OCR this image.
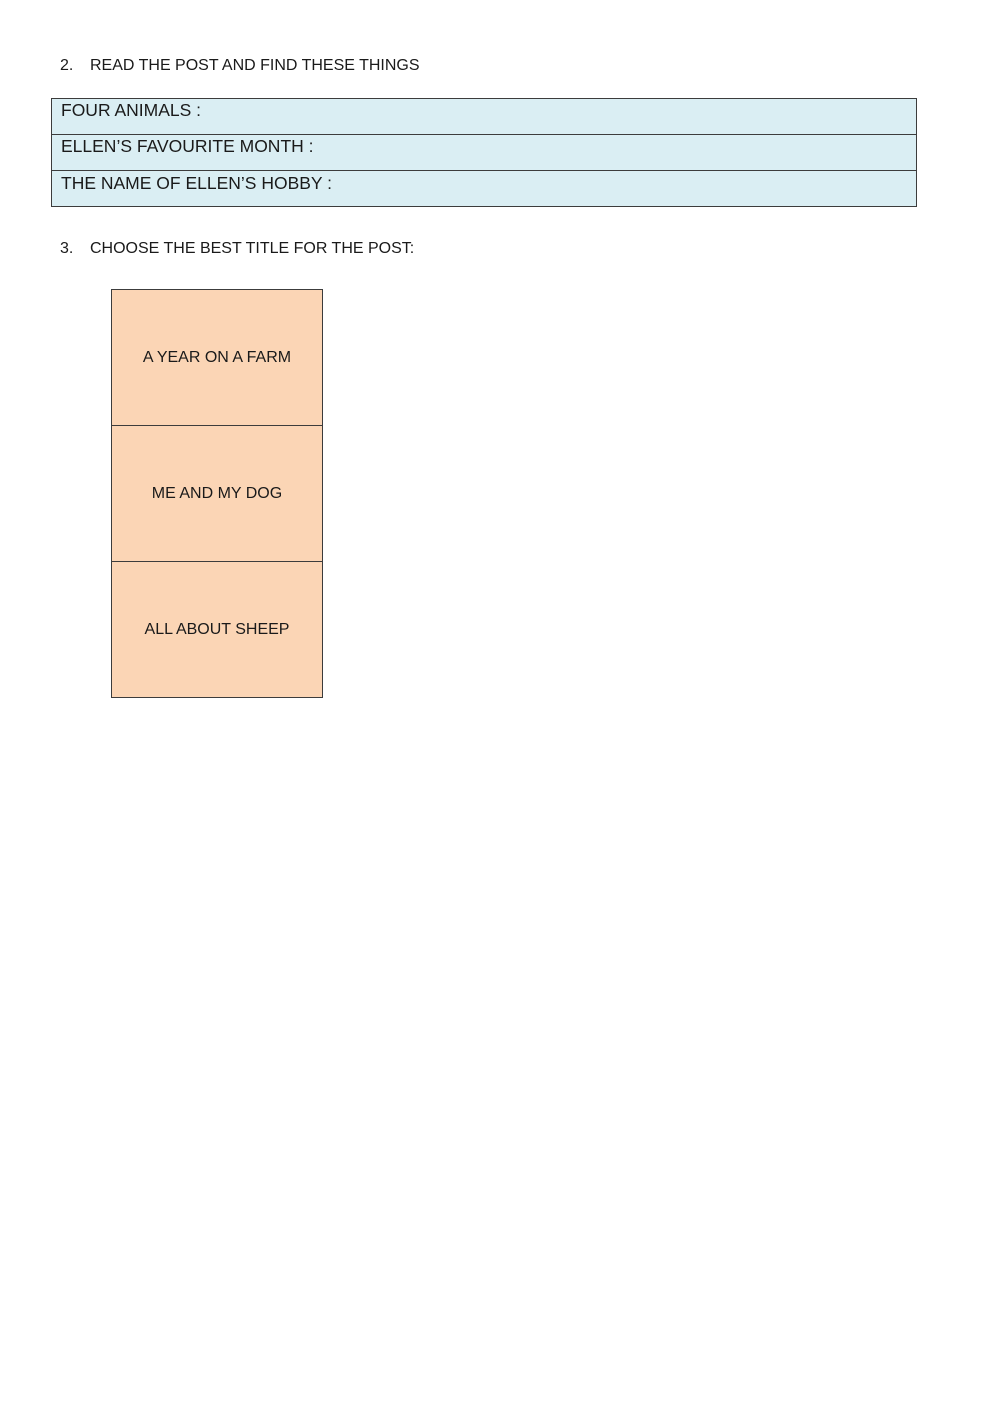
2.	READ THE POST AND FIND THESE THINGS
FOUR ANIMALS :
ELLEN’S FAVOURITE MONTH :
THE NAME OF ELLEN’S HOBBY :
3.	CHOOSE THE BEST TITLE FOR THE POST:
A YEAR ON A FARM
ME AND MY DOG
ALL ABOUT SHEEP
